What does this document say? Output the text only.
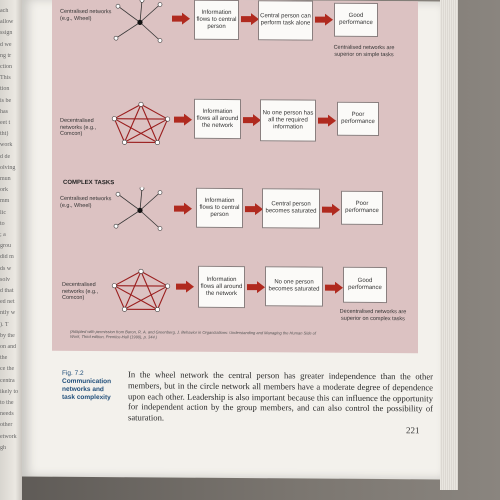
ach
allow
ssign
d we
ng tr
ction
This
tion
is be
has
eet t
tht)
work
d de
olving
mun
ork
mm
lic
to
; a
grou
did m
ds w
solv
d that
ed net
ntly w
). T
by the
on and
the
ce the
centra
ikely to
to the
needs
other
etwork
gh
Centralised networks (e.g., Wheel)
Information flows to central person
Central person can perform task alone
Good performance
Centralised networks are superior on simple tasks
Decentralised networks (e.g., Comcon)
Information flows all around the network
No one person has all the required information
Poor performance
COMPLEX TASKS
Centralised networks (e.g., Wheel)
Information flows to central person
Central person becomes saturated
Poor performance
Decentralised networks (e.g., Comcon)
Information flows all around the network
No one person becomes saturated
Good performance
Decentralised networks are superior on complex tasks
(Adapted with permission from Baron, R. A. and Greenberg, J. Behavior in Organizations: Understanding and Managing the Human Side of Work, Third edition, Prentice-Hall (1990), p. 344.)
Fig. 7.2
Communication networks and task complexity
In the wheel network the central person has greater independence than the other members, but in the circle network all members have a moderate degree of dependence upon each other. Leadership is also important because this can influence the opportunity for independent action by the group members, and can also control the possibility of saturation.
221
